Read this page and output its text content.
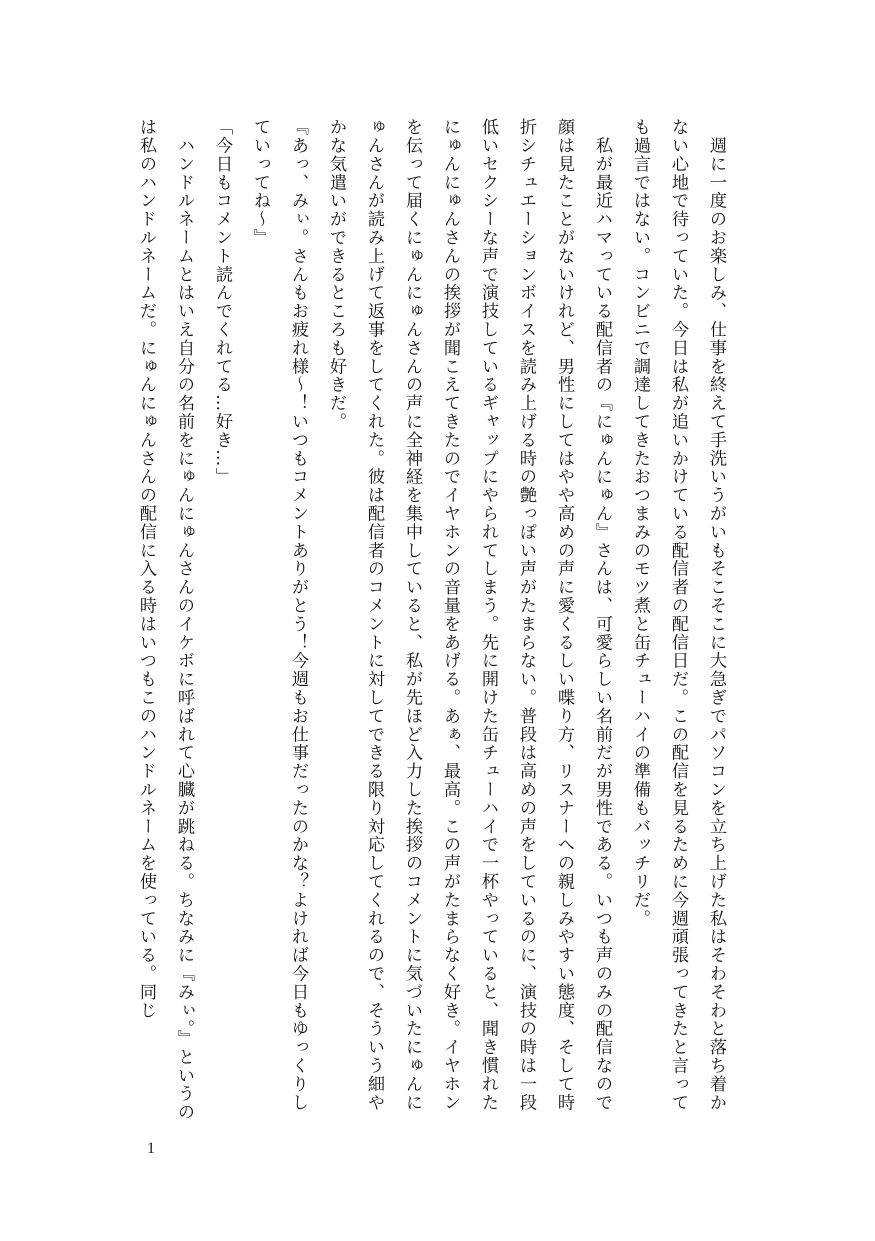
　週に一度のお楽しみ、仕事を終えて手洗いうがいもそこそこに大急ぎでパソコンを立ち上げた私はそわそわと落ち着かない心地で待っていた。今日は私が追いかけている配信者の配信日だ。この配信を見るために今週頑張ってきたと言っても過言ではない。コンビニで調達してきたおつまみのモツ煮と缶チューハイの準備もバッチリだ。

　私が最近ハマっている配信者の『にゅんにゅん』さんは、可愛らしい名前だが男性である。いつも声のみの配信なので顔は見たことがないけれど、男性にしてはやや高めの声に愛くるしい喋り方、リスナーへの親しみやすい態度、そして時折シチュエーションボイスを読み上げる時の艶っぽい声がたまらない。普段は高めの声をしているのに、演技の時は一段低いセクシーな声で演技しているギャップにやられてしまう。先に開けた缶チューハイで一杯やっていると、聞き慣れたにゅんにゅんさんの挨拶が聞こえてきたのでイヤホンの音量をあげる。あぁ、最高。この声がたまらなく好き。イヤホンを伝って届くにゅんにゅんさんの声に全神経を集中していると、私が先ほど入力した挨拶のコメントに気づいたにゅんにゅんさんが読み上げて返事をしてくれた。彼は配信者のコメントに対してできる限り対応してくれるので、そういう細やかな気遣いができるところも好きだ。

『あっ、みぃ。さんもお疲れ様～！いつもコメントありがとう！今週もお仕事だったのかな？よければ今日もゆっくりしていってね～』

「今日もコメント読んでくれてる…好き…」

　ハンドルネームとはいえ自分の名前をにゅんにゅんさんのイケボに呼ばれて心臓が跳ねる。ちなみに『みぃ。』というのは私のハンドルネームだ。にゅんにゅんさんの配信に入る時はいつもこのハンドルネームを使っている。同じ

1
